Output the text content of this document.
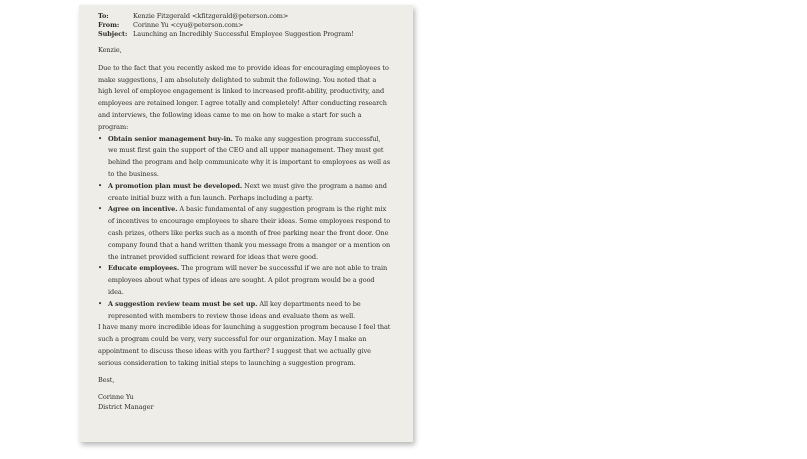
To:	Kenzie Fitzgerald <kfitzgerald@peterson.com>
From:	Corinne Yu <cyu@peterson.com>
Subject: Launching an Incredibly Successful Employee Suggestion Program!
Kenzie,
Due to the fact that you recently asked me to provide ideas for encouraging employees to make suggestions, I am absolutely delighted to submit the following. You noted that a high level of employee engagement is linked to increased profit-ability, productivity, and employees are retained longer. I agree totally and completely! After conducting research and interviews, the following ideas came to me on how to make a start for such a program:
• Obtain senior management buy-in. To make any suggestion program successful, we must first gain the support of the CEO and all upper management. They must get behind the program and help communicate why it is important to employees as well as to the business.
• A promotion plan must be developed. Next we must give the program a name and create initial buzz with a fun launch. Perhaps including a party.
• Agree on incentive. A basic fundamental of any suggestion program is the right mix of incentives to encourage employees to share their ideas. Some employees respond to cash prizes, others like perks such as a month of free parking near the front door. One company found that a hand written thank you message from a manger or a mention on the intranet provided sufficient reward for ideas that were good.
• Educate employees. The program will never be successful if we are not able to train employees about what types of ideas are sought. A pilot program would be a good idea.
• A suggestion review team must be set up. All key departments need to be represented with members to review those ideas and evaluate them as well.
I have many more incredible ideas for launching a suggestion program because I feel that such a program could be very, very successful for our organization. May I make an appointment to discuss these ideas with you farther? I suggest that we actually give serious consideration to taking initial steps to launching a suggestion program.
Best,
Corinne Yu
District Manager
